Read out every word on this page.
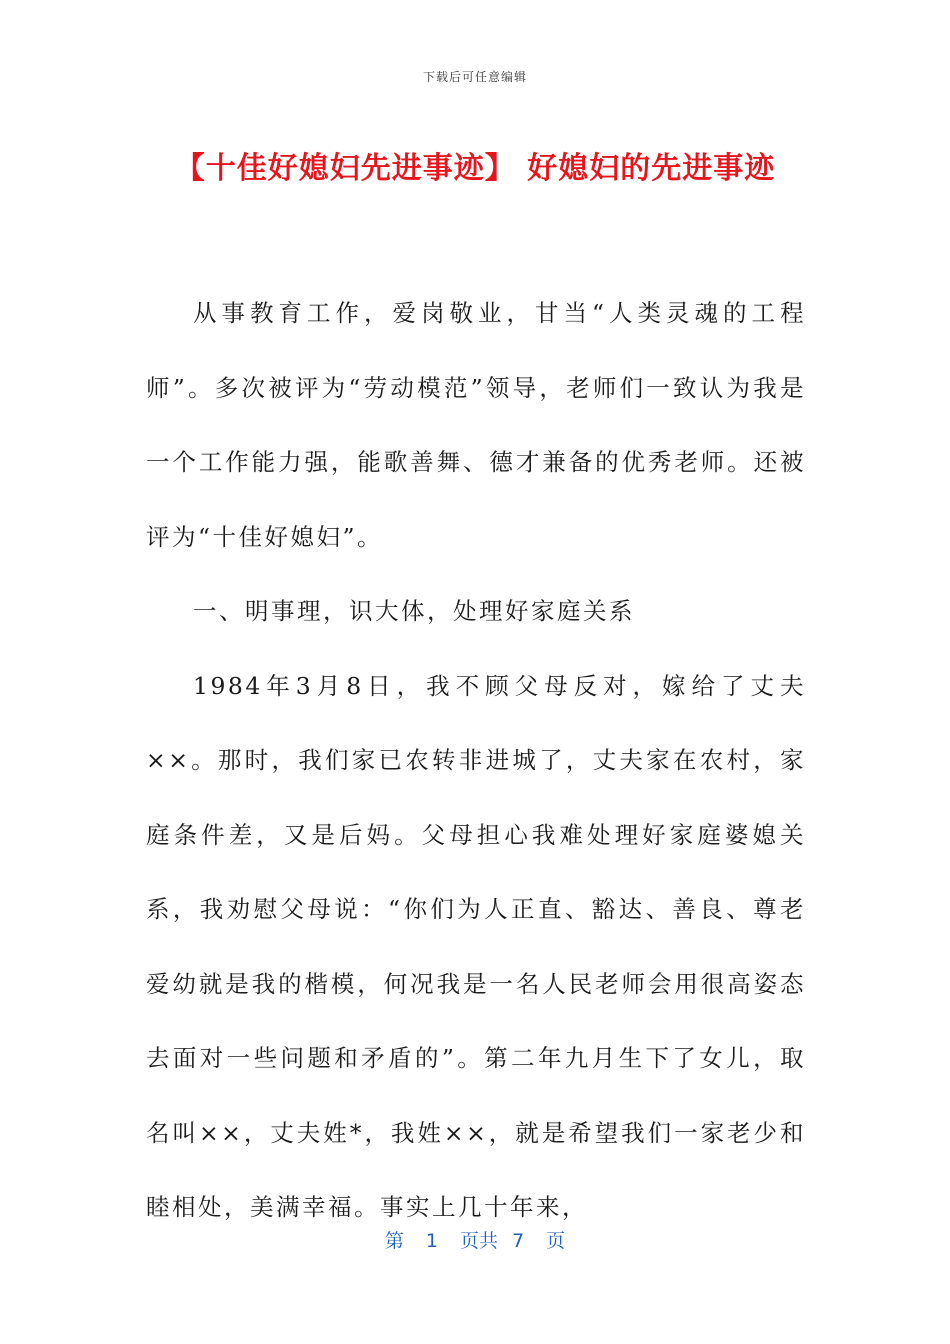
下载后可任意编辑
【十佳好媳妇先进事迹】 好媳妇的先进事迹

从事教育工作，爱岗敬业，甘当“人类灵魂的工程师”。多次被评为“劳动模范”领导，老师们一致认为我是一个工作能力强，能歌善舞、德才兼备的优秀老师。还被评为“十佳好媳妇”。

一、明事理，识大体，处理好家庭关系

1984年3月8日，我不顾父母反对，嫁给了丈夫××。那时，我们家已农转非进城了，丈夫家在农村，家庭条件差，又是后妈。父母担心我难处理好家庭婆媳关系，我劝慰父母说：“你们为人正直、豁达、善良、尊老爱幼就是我的楷模，何况我是一名人民老师会用很高姿态去面对一些问题和矛盾的”。第二年九月生下了女儿，取名叫××，丈夫姓*，我姓××，就是希望我们一家老少和睦相处，美满幸福。事实上几十年来，

第 1 页共 7 页
